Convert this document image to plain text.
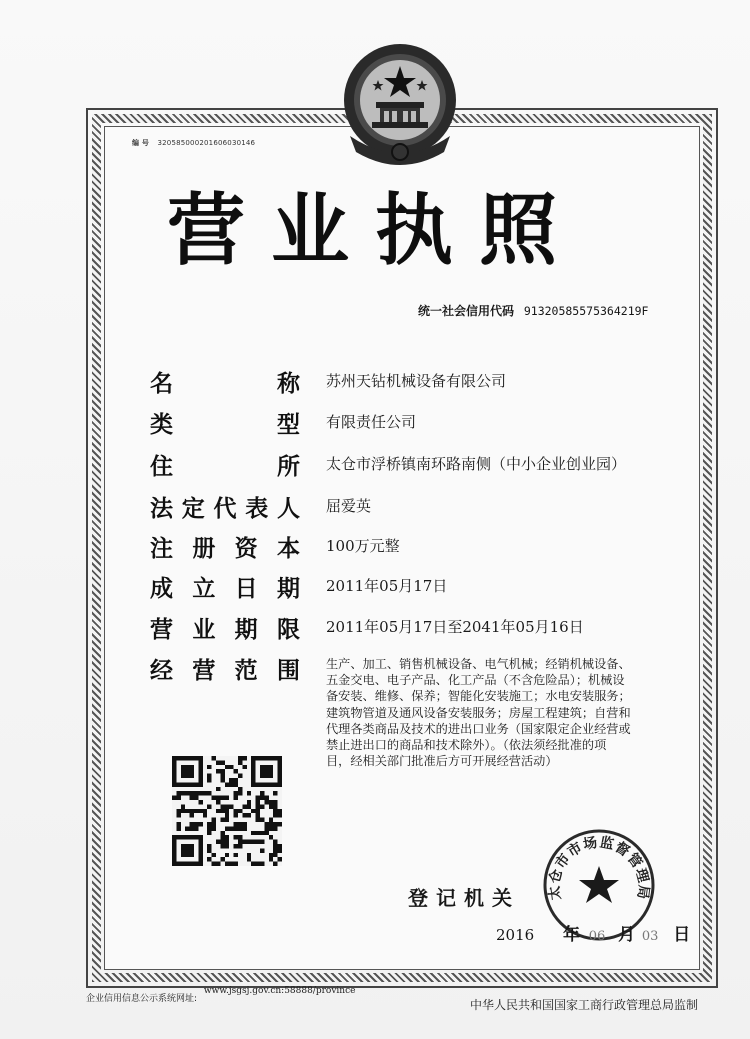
编 号 320585000201606030146
营业执照
统一社会信用代码 91320585575364219F
名	称 苏州天钻机械设备有限公司
类	型 有限责任公司
住	所 太仓市浮桥镇南环路南侧（中小企业创业园）
法 定 代 表 人 屈爱英
注 册 资 本 100万元整
成 立 日 期 2011年05月17日
营 业 期 限 2011年05月17日至2041年05月16日
经 营 范 围 生产、加工、销售机械设备、电气机械；经销机械设备、
五金交电、电子产品、化工产品（不含危险品）；机械设
备安装、维修、保养；智能化安装施工；水电安装服务；
建筑物管道及通风设备安装服务；房屋工程建筑；自营和
代理各类商品及技术的进出口业务（国家限定企业经营或
禁止进出口的商品和技术除外）。（依法须经批准的项
目，经相关部门批准后方可开展经营活动）
登记机关 太仓市市场监督管理局
2016 年 06 月 03 日
企业信用信息公示系统网址: www.jsgsj.gov.cn:58888/province
中华人民共和国国家工商行政管理总局监制
